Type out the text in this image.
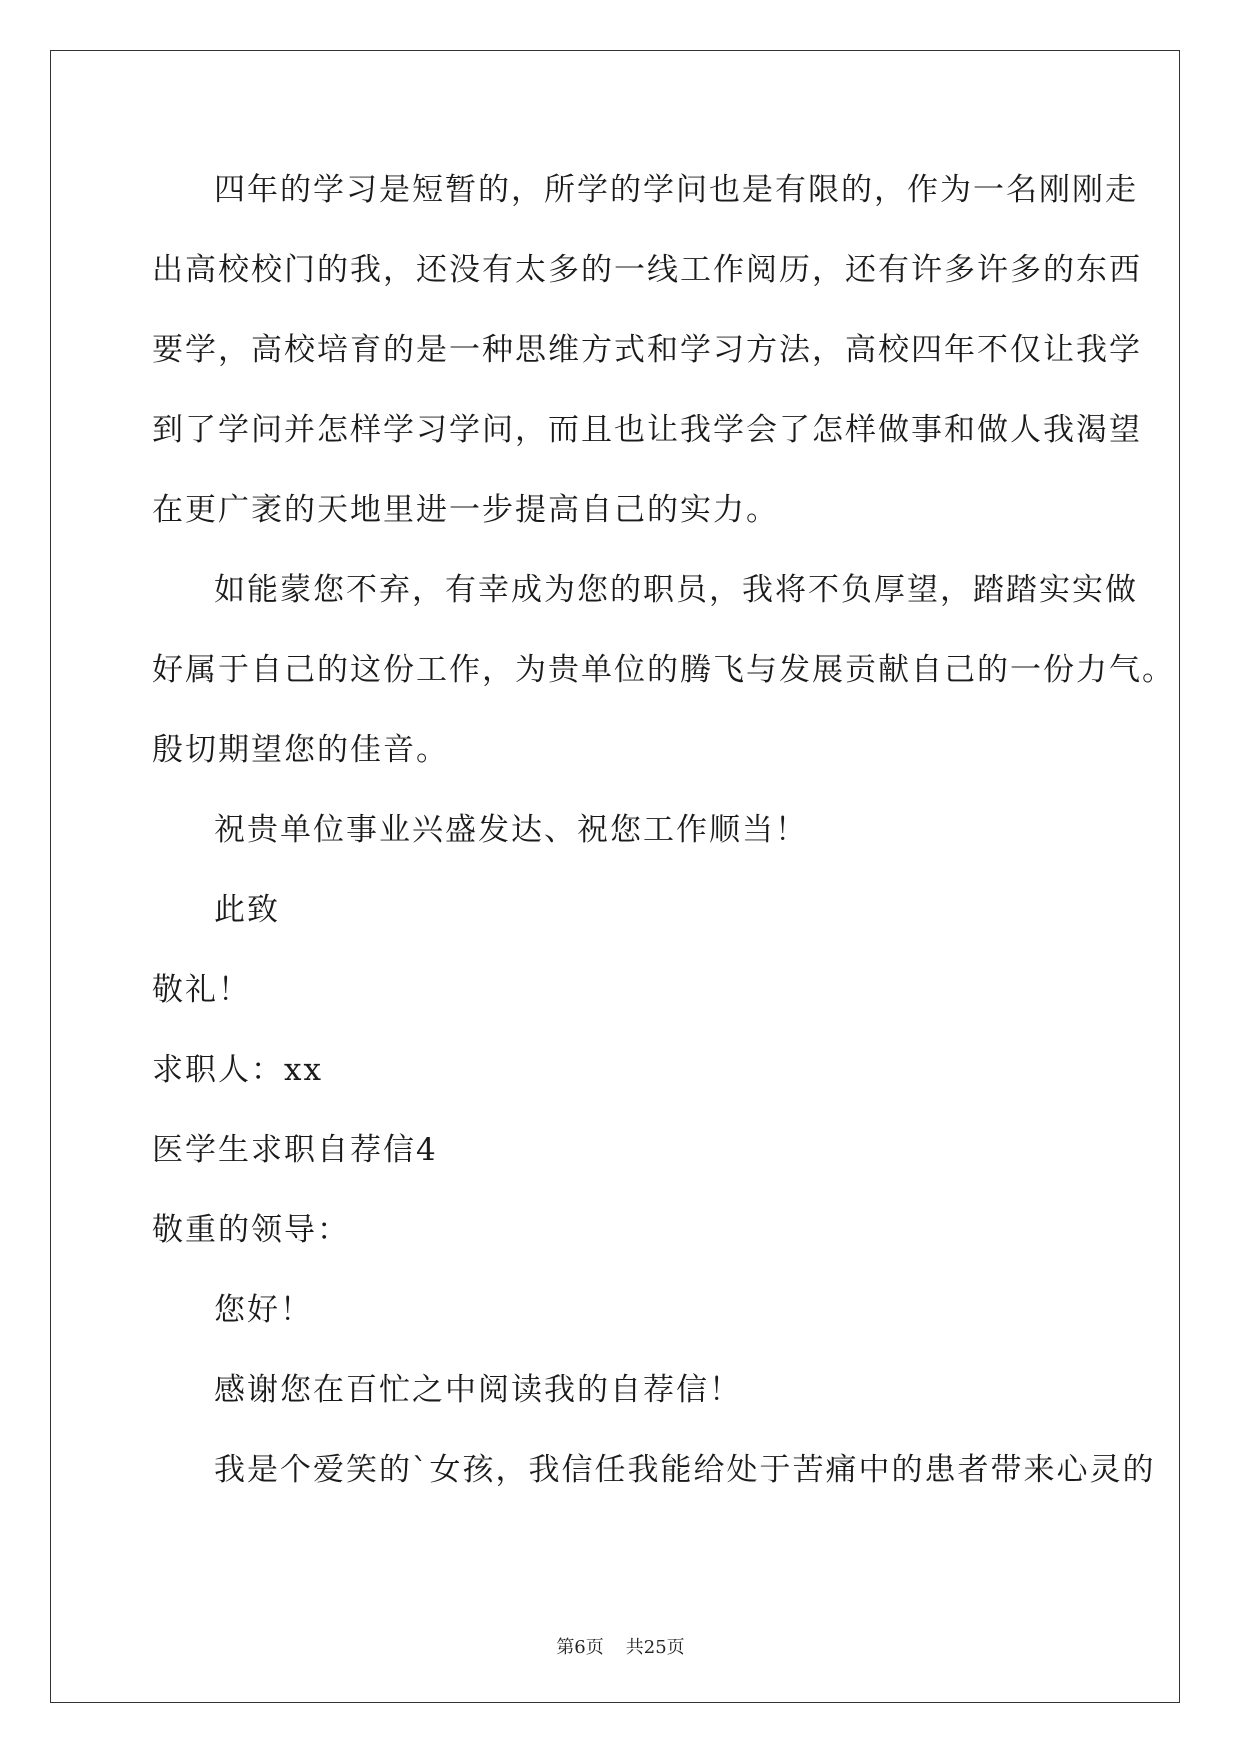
四年的学习是短暂的，所学的学问也是有限的，作为一名刚刚走
出高校校门的我，还没有太多的一线工作阅历，还有许多许多的东西
要学，高校培育的是一种思维方式和学习方法，高校四年不仅让我学
到了学问并怎样学习学问，而且也让我学会了怎样做事和做人我渴望
在更广袤的天地里进一步提高自己的实力。
如能蒙您不弃，有幸成为您的职员，我将不负厚望，踏踏实实做
好属于自己的这份工作，为贵单位的腾飞与发展贡献自己的一份力气。
殷切期望您的佳音。
祝贵单位事业兴盛发达、祝您工作顺当！
此致
敬礼！
求职人：xx
医学生求职自荐信4
敬重的领导：
您好！
感谢您在百忙之中阅读我的自荐信！
我是个爱笑的`女孩，我信任我能给处于苦痛中的患者带来心灵的
第6页 共25页
